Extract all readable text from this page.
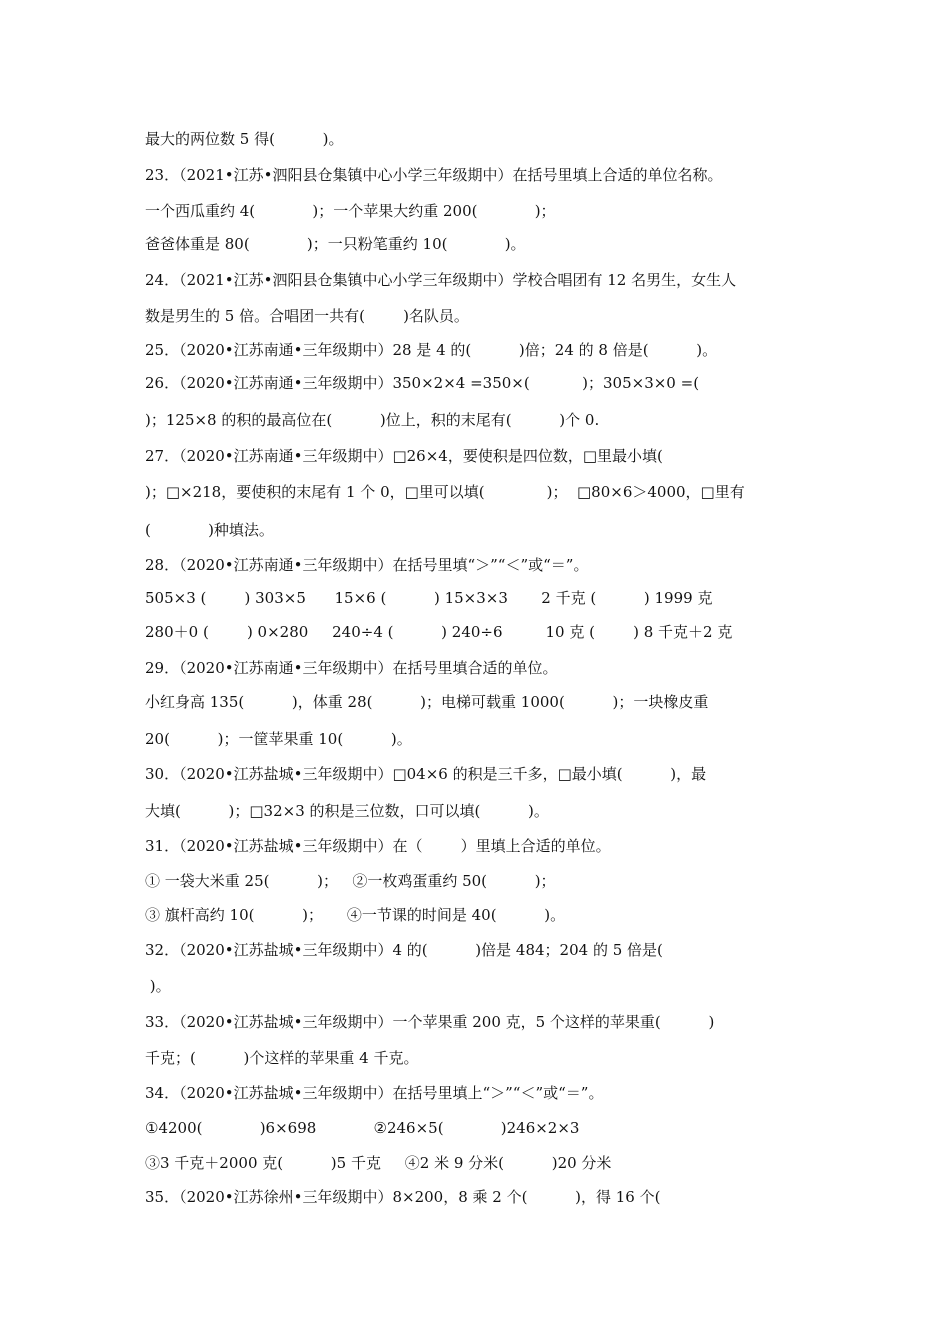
最大的两位数 5 得(          )。
23．（2021•江苏•泗阳县仓集镇中心小学三年级期中）在括号里填上合适的单位名称。
一个西瓜重约 4(            )；一个苹果大约重 200(            )；
爸爸体重是 80(            )；一只粉笔重约 10(            )。
24．（2021•江苏•泗阳县仓集镇中心小学三年级期中）学校合唱团有 12 名男生，女生人
数是男生的 5 倍。合唱团一共有(        )名队员。
25．（2020•江苏南通•三年级期中）28 是 4 的(          )倍；24 的 8 倍是(          )。
26．（2020•江苏南通•三年级期中）350×2×4 =350×(           )；305×3×0 =(
)；125×8 的积的最高位在(          )位上，积的末尾有(          )个 0.
27．（2020•江苏南通•三年级期中）□26×4，要使积是四位数，□里最小填(
)；□×218，要使积的末尾有 1 个 0，□里可以填(             )；  □80×6＞4000，□里有
(            )种填法。
28．（2020•江苏南通•三年级期中）在括号里填“＞”“＜”或“＝”。
505×3 (        ) 303×5      15×6 (          ) 15×3×3       2 千克 (          ) 1999 克
280＋0 (        ) 0×280     240÷4 (          ) 240÷6         10 克 (        ) 8 千克＋2 克
29．（2020•江苏南通•三年级期中）在括号里填合适的单位。
小红身高 135(          )，体重 28(          )；电梯可载重 1000(          )；一块橡皮重
20(          )；一筐苹果重 10(          )。
30．（2020•江苏盐城•三年级期中）□04×6 的积是三千多，□最小填(          )，最
大填(          )；□32×3 的积是三位数，口可以填(          )。
31．（2020•江苏盐城•三年级期中）在（        ）里填上合适的单位。
① 一袋大米重 25(          )；   ②一枚鸡蛋重约 50(          )；
③ 旗杆高约 10(          )；     ④一节课的时间是 40(          )。
32．（2020•江苏盐城•三年级期中）4 的(          )倍是 484；204 的 5 倍是(
)。
33．（2020•江苏盐城•三年级期中）一个苹果重 200 克，5 个这样的苹果重(          )
千克；(          )个这样的苹果重 4 千克。
34．（2020•江苏盐城•三年级期中）在括号里填上“＞”“＜”或“＝”。
①4200(            )6×698            ②246×5(            )246×2×3
③3 千克＋2000 克(          )5 千克     ④2 米 9 分米(          )20 分米
35．（2020•江苏徐州•三年级期中）8×200，8 乘 2 个(          )，得 16 个(
